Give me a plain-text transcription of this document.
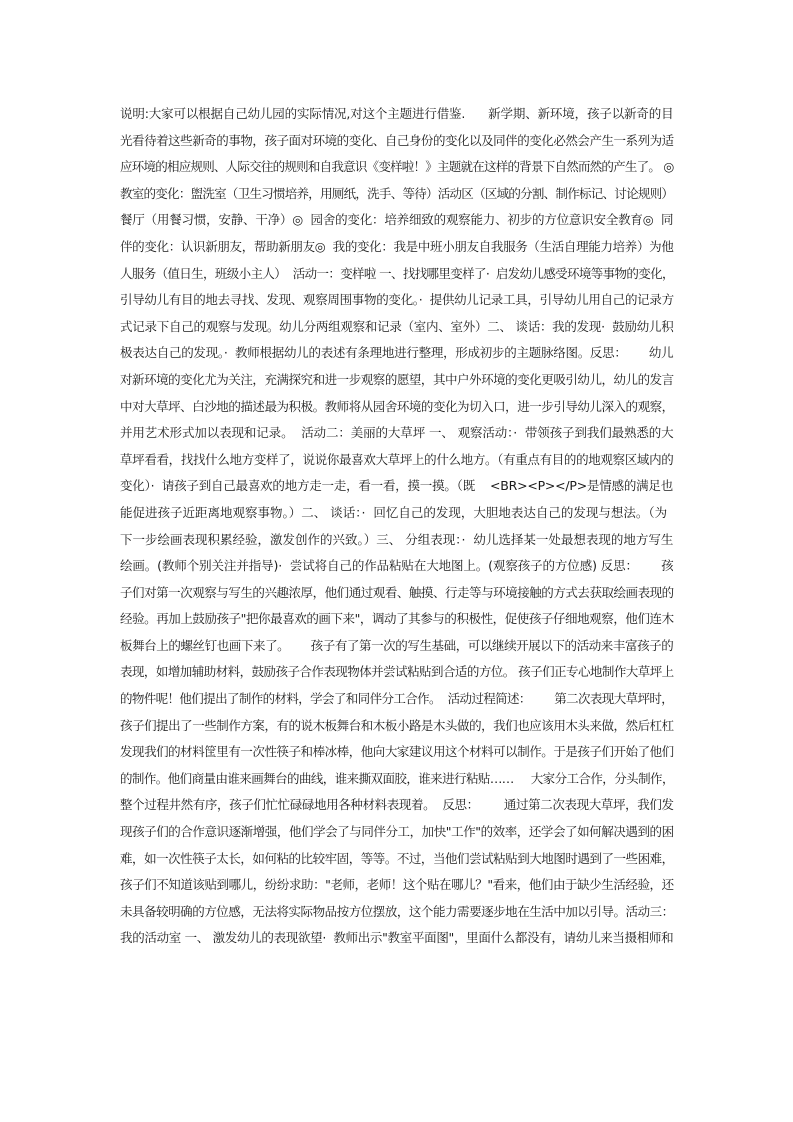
说明:大家可以根据自己幼儿园的实际情况,对这个主题进行借鉴.      新学期、新环境，孩子以新奇的目
光看待着这些新奇的事物，孩子面对环境的变化、自己身份的变化以及同伴的变化必然会产生一系列为适
应环境的相应规则、人际交往的规则和自我意识《变样啦！》主题就在这样的背景下自然而然的产生了。 ◎
教室的变化：盥洗室（卫生习惯培养，用厕纸，洗手、等待）活动区（区域的分割、制作标记、讨论规则）
餐厅（用餐习惯，安静、干净）◎  园舍的变化：培养细致的观察能力、初步的方位意识安全教育◎  同
伴的变化：认识新朋友，帮助新朋友◎  我的变化：我是中班小朋友自我服务（生活自理能力培养）为他
人服务（值日生，班级小主人）  活动一：变样啦 一、找找哪里变样了·  启发幼儿感受环境等事物的变化，
引导幼儿有目的地去寻找、发现、观察周围事物的变化。·  提供幼儿记录工具，引导幼儿用自己的记录方
式记录下自己的观察与发现。幼儿分两组观察和记录（室内、室外）二、 谈话：我的发现·  鼓励幼儿积
极表达自己的发现。·  教师根据幼儿的表述有条理地进行整理，形成初步的主题脉络图。反思：      幼儿
对新环境的变化尤为关注，充满探究和进一步观察的愿望，其中户外环境的变化更吸引幼儿，幼儿的发言
中对大草坪、白沙地的描述最为积极。教师将从园舍环境的变化为切入口，进一步引导幼儿深入的观察，
并用艺术形式加以表现和记录。  活动二：美丽的大草坪 一、 观察活动：·  带领孩子到我们最熟悉的大
草坪看看，找找什么地方变样了，说说你最喜欢大草坪上的什么地方。（有重点有目的的地观察区域内的
变化）·  请孩子到自己最喜欢的地方走一走，看一看，摸一摸。（既    <BR><P></P>是情感的满足也
能促进孩子近距离地观察事物。）二、 谈话：·  回忆自己的发现，大胆地表达自己的发现与想法。（为
下一步绘画表现积累经验，激发创作的兴致。）三、 分组表现：·  幼儿选择某一处最想表现的地方写生
绘画。(教师个别关注并指导)·  尝试将自己的作品粘贴在大地图上。(观察孩子的方位感) 反思：      孩
子们对第一次观察与写生的兴趣浓厚，他们通过观看、触摸、行走等与环境接触的方式去获取绘画表现的
经验。再加上鼓励孩子"把你最喜欢的画下来"，调动了其参与的积极性，促使孩子仔细地观察，他们连木
板舞台上的螺丝钉也画下来了。      孩子有了第一次的写生基础，可以继续开展以下的活动来丰富孩子的
表现，如增加辅助材料，鼓励孩子合作表现物体并尝试粘贴到合适的方位。 孩子们正专心地制作大草坪上
的物件呢！他们提出了制作的材料，学会了和同伴分工合作。  活动过程简述：       第二次表现大草坪时，
孩子们提出了一些制作方案，有的说木板舞台和木板小路是木头做的，我们也应该用木头来做，然后杠杠
发现我们的材料筐里有一次性筷子和棒冰棒，他向大家建议用这个材料可以制作。于是孩子们开始了他们
的制作。他们商量由谁来画舞台的曲线，谁来撕双面胶，谁来进行粘贴……     大家分工合作，分头制作，
整个过程井然有序，孩子们忙忙碌碌地用各种材料表现着。  反思：       通过第二次表现大草坪，我们发
现孩子们的合作意识逐渐增强，他们学会了与同伴分工，加快"工作"的效率，还学会了如何解决遇到的困
难，如一次性筷子太长，如何粘的比较牢固，等等。不过，当他们尝试粘贴到大地图时遇到了一些困难，
孩子们不知道该贴到哪儿，纷纷求助："老师，老师！这个贴在哪儿？"看来，他们由于缺少生活经验，还
未具备较明确的方位感，无法将实际物品按方位摆放，这个能力需要逐步地在生活中加以引导。活动三：
我的活动室 一、 激发幼儿的表现欲望·  教师出示"教室平面图"，里面什么都没有，请幼儿来当摄相师和
